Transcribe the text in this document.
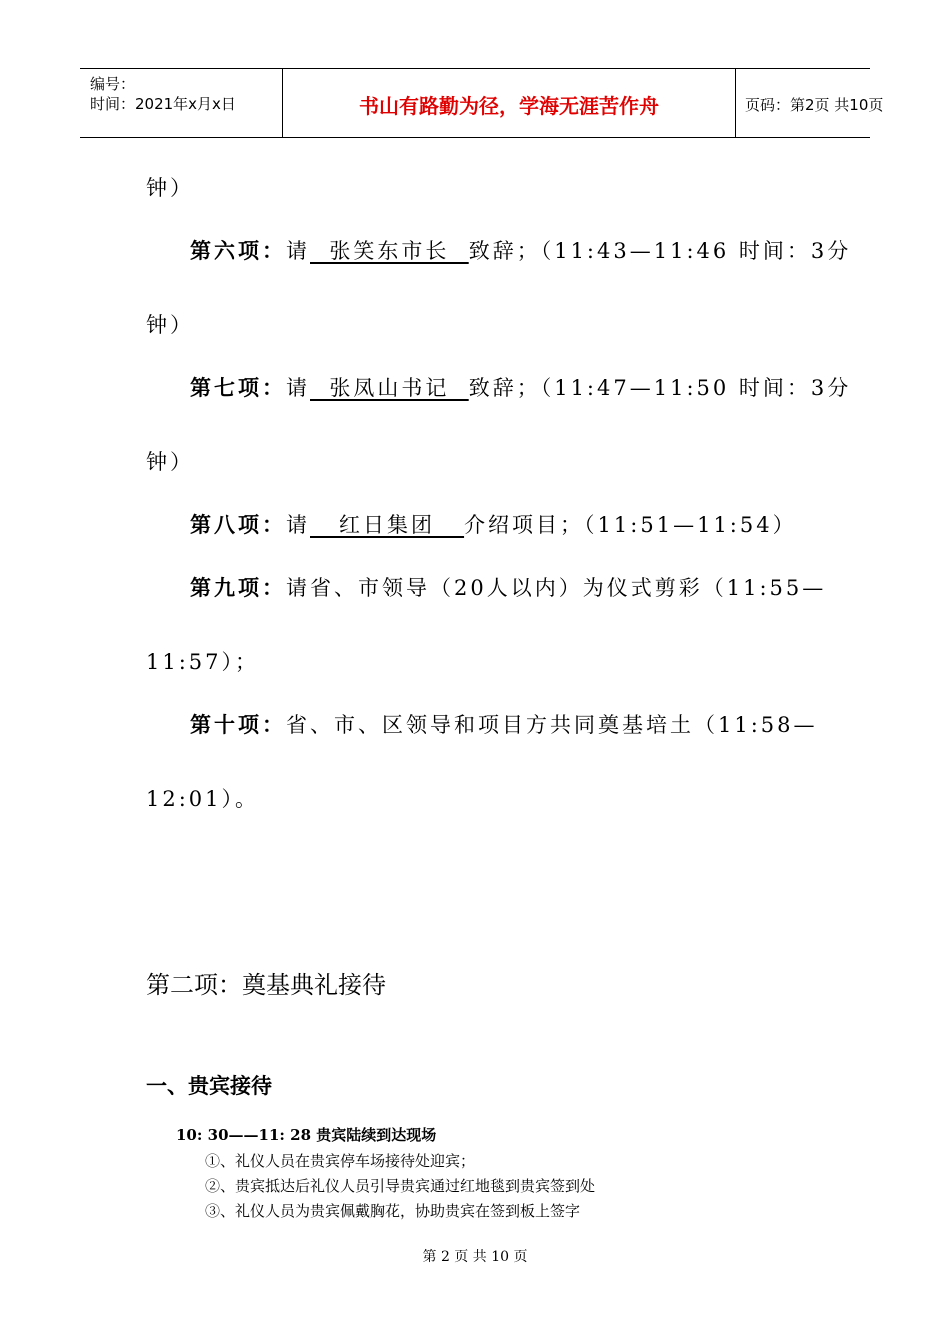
编号：
时间：2021年x月x日	书山有路勤为径，学海无涯苦作舟	页码：第2页 共10页
钟）
第六项：请  张笑东市长  致辞；（11:43—11:46 时间：3分
钟）
第七项：请  张凤山书记  致辞；（11:47—11:50 时间：3分
钟）
第八项：请   红日集团   介绍项目；（11:51—11:54）
第九项：请省、市领导（20人以内）为仪式剪彩（11:55—
11:57）；
第十项：省、市、区领导和项目方共同奠基培土（11:58—
12:01）。
第二项：奠基典礼接待
一、贵宾接待
10: 30——11: 28 贵宾陆续到达现场
①、礼仪人员在贵宾停车场接待处迎宾；
②、贵宾抵达后礼仪人员引导贵宾通过红地毯到贵宾签到处
③、礼仪人员为贵宾佩戴胸花，协助贵宾在签到板上签字
第 2 页 共 10 页
